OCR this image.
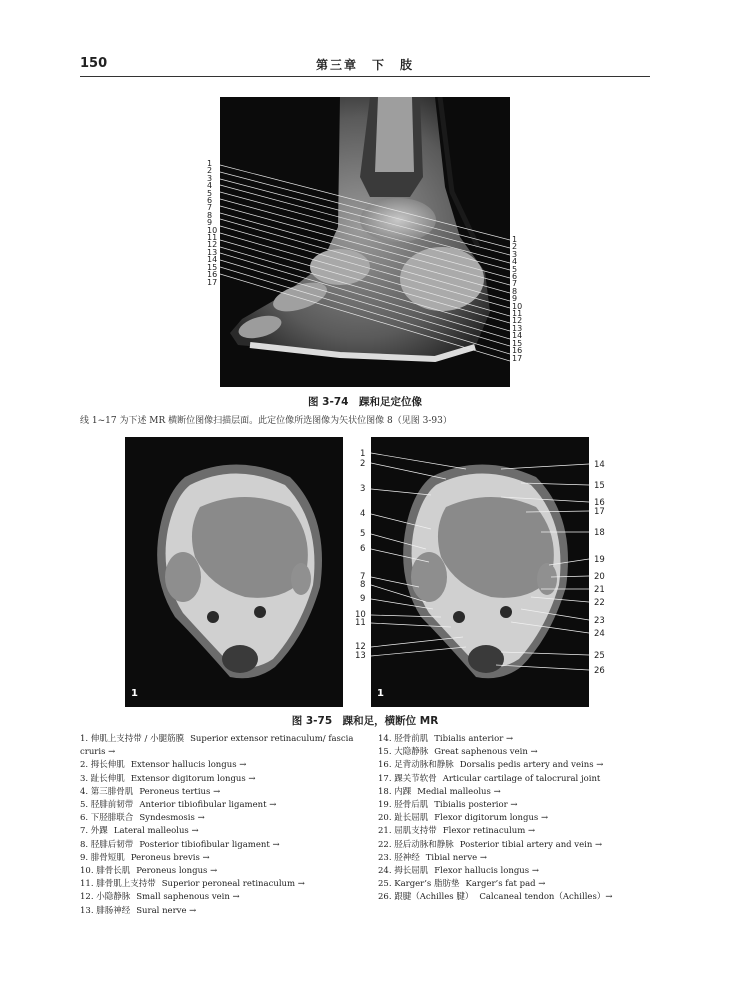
150	第三章　下　肢
1
2
3
4
5
6
7
8
9
10
11
12
13
14
15
16
17
1
2
3
4
5
6
7
8
9
10
11
12
13
14
15
16
17
图 3-74　踝和足定位像
线 1~17 为下述 MR 横断位图像扫描层面。此定位像所选图像为矢状位图像 8（见图 3-93）
1	1
1
2
3
4
5
6
7
8
9
10
11
12
13
14
15
16
17
18
19
20
21
22
23
24
25
26
图 3-75　踝和足，横断位 MR
1. 伸肌上支持带 / 小腿筋膜 Superior extensor retinaculum/ fascia cruris →
2. 拇长伸肌 Extensor hallucis longus →
3. 趾长伸肌 Extensor digitorum longus →
4. 第三腓骨肌 Peroneus tertius →
5. 胫腓前韧带 Anterior tibiofibular ligament →
6. 下胫腓联合 Syndesmosis →
7. 外踝 Lateral malleolus →
8. 胫腓后韧带 Posterior tibiofibular ligament →
9. 腓骨短肌 Peroneus brevis →
10. 腓骨长肌 Peroneus longus →
11. 腓骨肌上支持带 Superior peroneal retinaculum →
12. 小隐静脉 Small saphenous vein →
13. 腓肠神经 Sural nerve →
14. 胫骨前肌 Tibialis anterior →
15. 大隐静脉 Great saphenous vein →
16. 足背动脉和静脉 Dorsalis pedis artery and veins →
17. 踝关节软骨 Articular cartilage of talocrural joint
18. 内踝 Medial malleolus →
19. 胫骨后肌 Tibialis posterior →
20. 趾长屈肌 Flexor digitorum longus →
21. 屈肌支持带 Flexor retinaculum →
22. 胫后动脉和静脉 Posterior tibial artery and vein →
23. 胫神经 Tibial nerve →
24. 拇长屈肌 Flexor hallucis longus →
25. Karger’s 脂肪垫 Karger’s fat pad →
26. 跟腱（Achilles 腱） Calcaneal tendon（Achilles）→
